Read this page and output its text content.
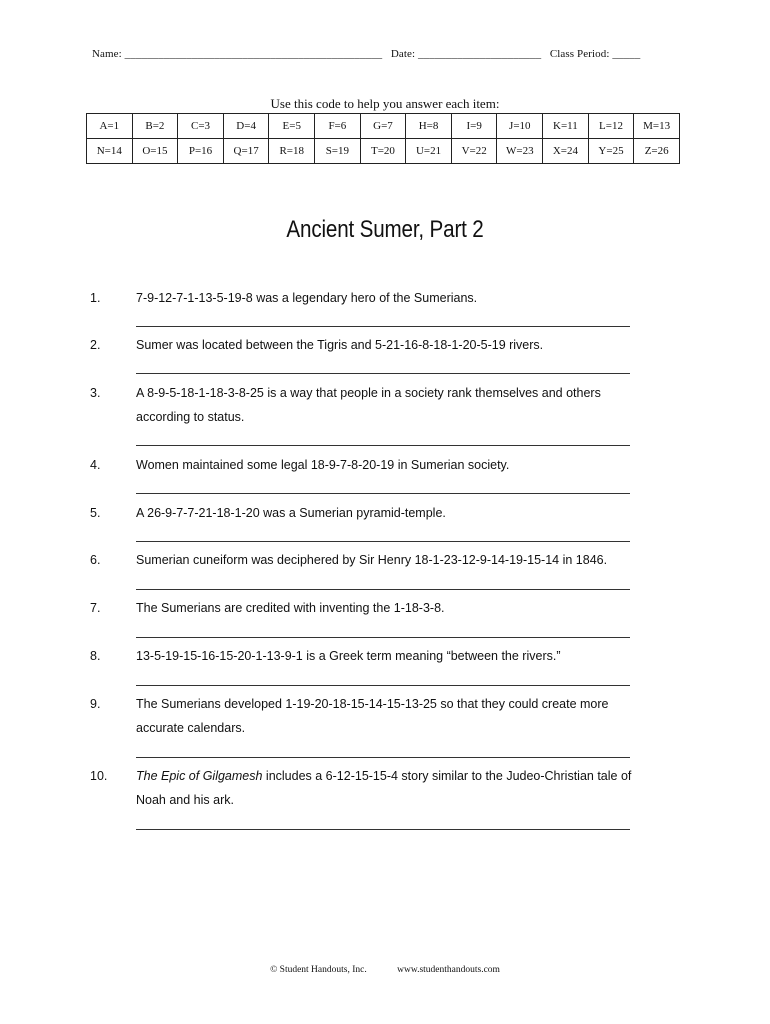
Name: ______________________________________________ Date: ______________________ Class Period: _____
Use this code to help you answer each item:
A=1	B=2	C=3	D=4	E=5	F=6	G=7	H=8	I=9	J=10	K=11	L=12	M=13
N=14	O=15	P=16	Q=17	R=18	S=19	T=20	U=21	V=22	W=23	X=24	Y=25	Z=26
Ancient Sumer, Part 2
1.	7-9-12-7-1-13-5-19-8 was a legendary hero of the Sumerians.
2.	Sumer was located between the Tigris and 5-21-16-8-18-1-20-5-19 rivers.
3.	A 8-9-5-18-1-18-3-8-25 is a way that people in a society rank themselves and others
according to status.
4.	Women maintained some legal 18-9-7-8-20-19 in Sumerian society.
5.	A 26-9-7-7-21-18-1-20 was a Sumerian pyramid-temple.
6.	Sumerian cuneiform was deciphered by Sir Henry 18-1-23-12-9-14-19-15-14 in 1846.
7.	The Sumerians are credited with inventing the 1-18-3-8.
8.	13-5-19-15-16-15-20-1-13-9-1 is a Greek term meaning “between the rivers.”
9.	The Sumerians developed 1-19-20-18-15-14-15-13-25 so that they could create more
accurate calendars.
10. The Epic of Gilgamesh includes a 6-12-15-15-4 story similar to the Judeo-Christian tale of
Noah and his ark.
© Student Handouts, Inc.	www.studenthandouts.com
